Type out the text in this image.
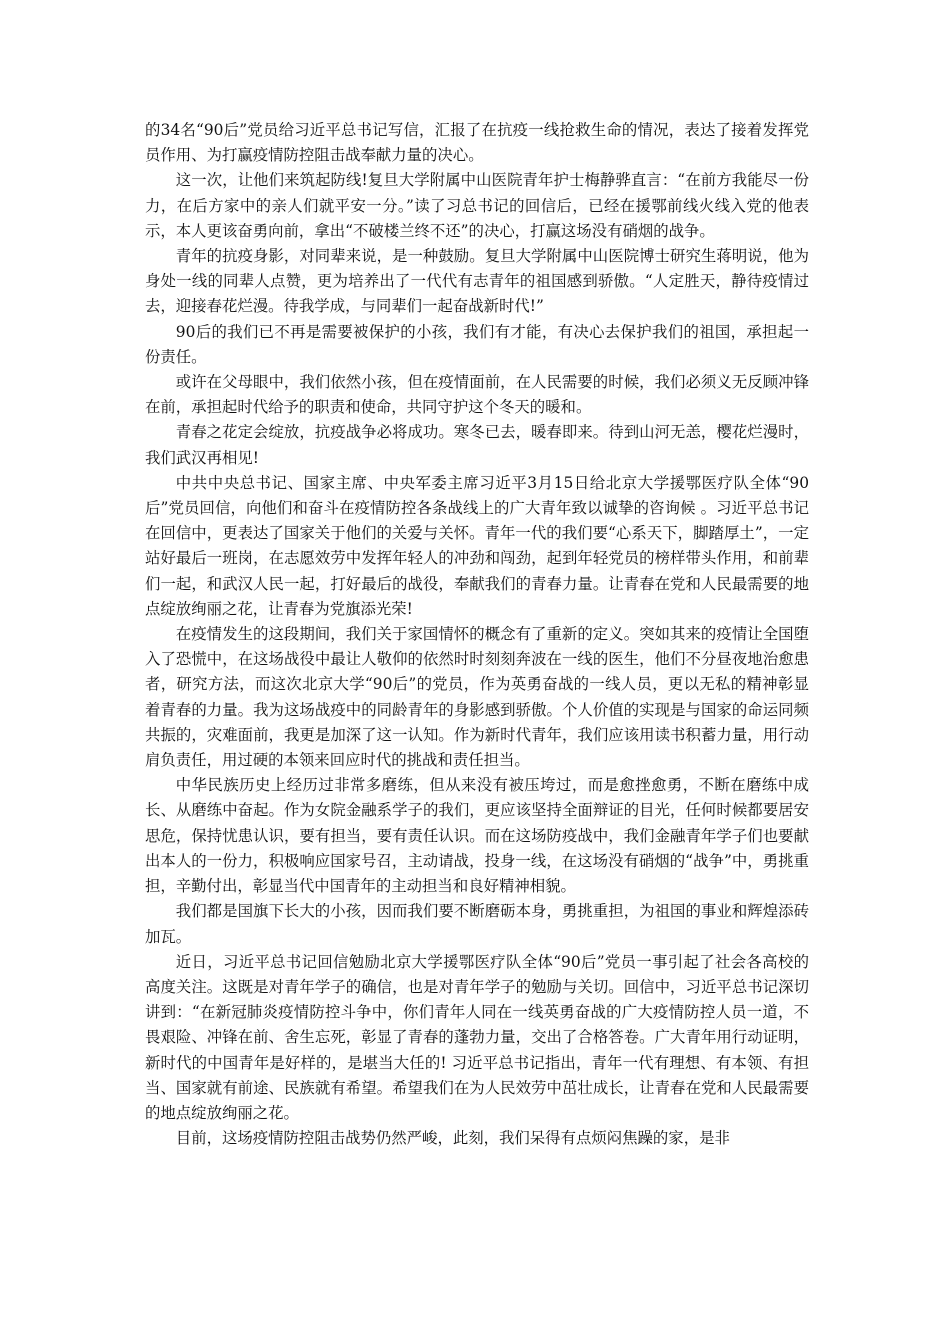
的34名“90后”党员给习近平总书记写信，汇报了在抗疫一线抢救生命的情况，表达了接着发挥党员作用、为打赢疫情防控阻击战奉献力量的决心。

这一次，让他们来筑起防线!复旦大学附属中山医院青年护士梅静骅直言：“在前方我能尽一份力，在后方家中的亲人们就平安一分。”读了习总书记的回信后，已经在援鄂前线火线入党的他表示，本人更该奋勇向前，拿出“不破楼兰终不还”的决心，打赢这场没有硝烟的战争。

青年的抗疫身影，对同辈来说，是一种鼓励。复旦大学附属中山医院博士研究生蒋明说，他为身处一线的同辈人点赞，更为培养出了一代代有志青年的祖国感到骄傲。“人定胜天，静待疫情过去，迎接春花烂漫。待我学成，与同辈们一起奋战新时代!”

90后的我们已不再是需要被保护的小孩，我们有才能，有决心去保护我们的祖国，承担起一份责任。

或许在父母眼中，我们依然小孩，但在疫情面前，在人民需要的时候，我们必须义无反顾冲锋在前，承担起时代给予的职责和使命，共同守护这个冬天的暖和。

青春之花定会绽放，抗疫战争必将成功。寒冬已去，暖春即来。待到山河无恙，樱花烂漫时，我们武汉再相见!

中共中央总书记、国家主席、中央军委主席习近平3月15日给北京大学援鄂医疗队全体“90后”党员回信，向他们和奋斗在疫情防控各条战线上的广大青年致以诚挚的咨询候 。习近平总书记在回信中，更表达了国家关于他们的关爱与关怀。青年一代的我们要“心系天下，脚踏厚土”，一定站好最后一班岗，在志愿效劳中发挥年轻人的冲劲和闯劲，起到年轻党员的榜样带头作用，和前辈们一起，和武汉人民一起，打好最后的战役，奉献我们的青春力量。让青春在党和人民最需要的地点绽放绚丽之花，让青春为党旗添光荣!

在疫情发生的这段期间，我们关于家国情怀的概念有了重新的定义。突如其来的疫情让全国堕入了恐慌中，在这场战役中最让人敬仰的依然时时刻刻奔波在一线的医生，他们不分昼夜地治愈患者，研究方法，而这次北京大学“90后”的党员，作为英勇奋战的一线人员，更以无私的精神彰显着青春的力量。我为这场战疫中的同龄青年的身影感到骄傲。个人价值的实现是与国家的命运同频共振的，灾难面前，我更是加深了这一认知。作为新时代青年，我们应该用读书积蓄力量，用行动肩负责任，用过硬的本领来回应时代的挑战和责任担当。

中华民族历史上经历过非常多磨练，但从来没有被压垮过，而是愈挫愈勇，不断在磨练中成长、从磨练中奋起。作为女院金融系学子的我们，更应该坚持全面辩证的目光，任何时候都要居安思危，保持忧患认识，要有担当，要有责任认识。而在这场防疫战中，我们金融青年学子们也要献出本人的一份力，积极响应国家号召，主动请战，投身一线，在这场没有硝烟的“战争”中，勇挑重担，辛勤付出，彰显当代中国青年的主动担当和良好精神相貌。

我们都是国旗下长大的小孩，因而我们要不断磨砺本身，勇挑重担，为祖国的事业和辉煌添砖加瓦。

近日，习近平总书记回信勉励北京大学援鄂医疗队全体“90后”党员一事引起了社会各高校的高度关注。这既是对青年学子的确信，也是对青年学子的勉励与关切。回信中，习近平总书记深切讲到：“在新冠肺炎疫情防控斗争中，你们青年人同在一线英勇奋战的广大疫情防控人员一道，不畏艰险、冲锋在前、舍生忘死，彰显了青春的蓬勃力量，交出了合格答卷。广大青年用行动证明，新时代的中国青年是好样的，是堪当大任的! 习近平总书记指出，青年一代有理想、有本领、有担当、国家就有前途、民族就有希望。希望我们在为人民效劳中茁壮成长，让青春在党和人民最需要的地点绽放绚丽之花。

目前，这场疫情防控阻击战势仍然严峻，此刻，我们呆得有点烦闷焦躁的家，是非
